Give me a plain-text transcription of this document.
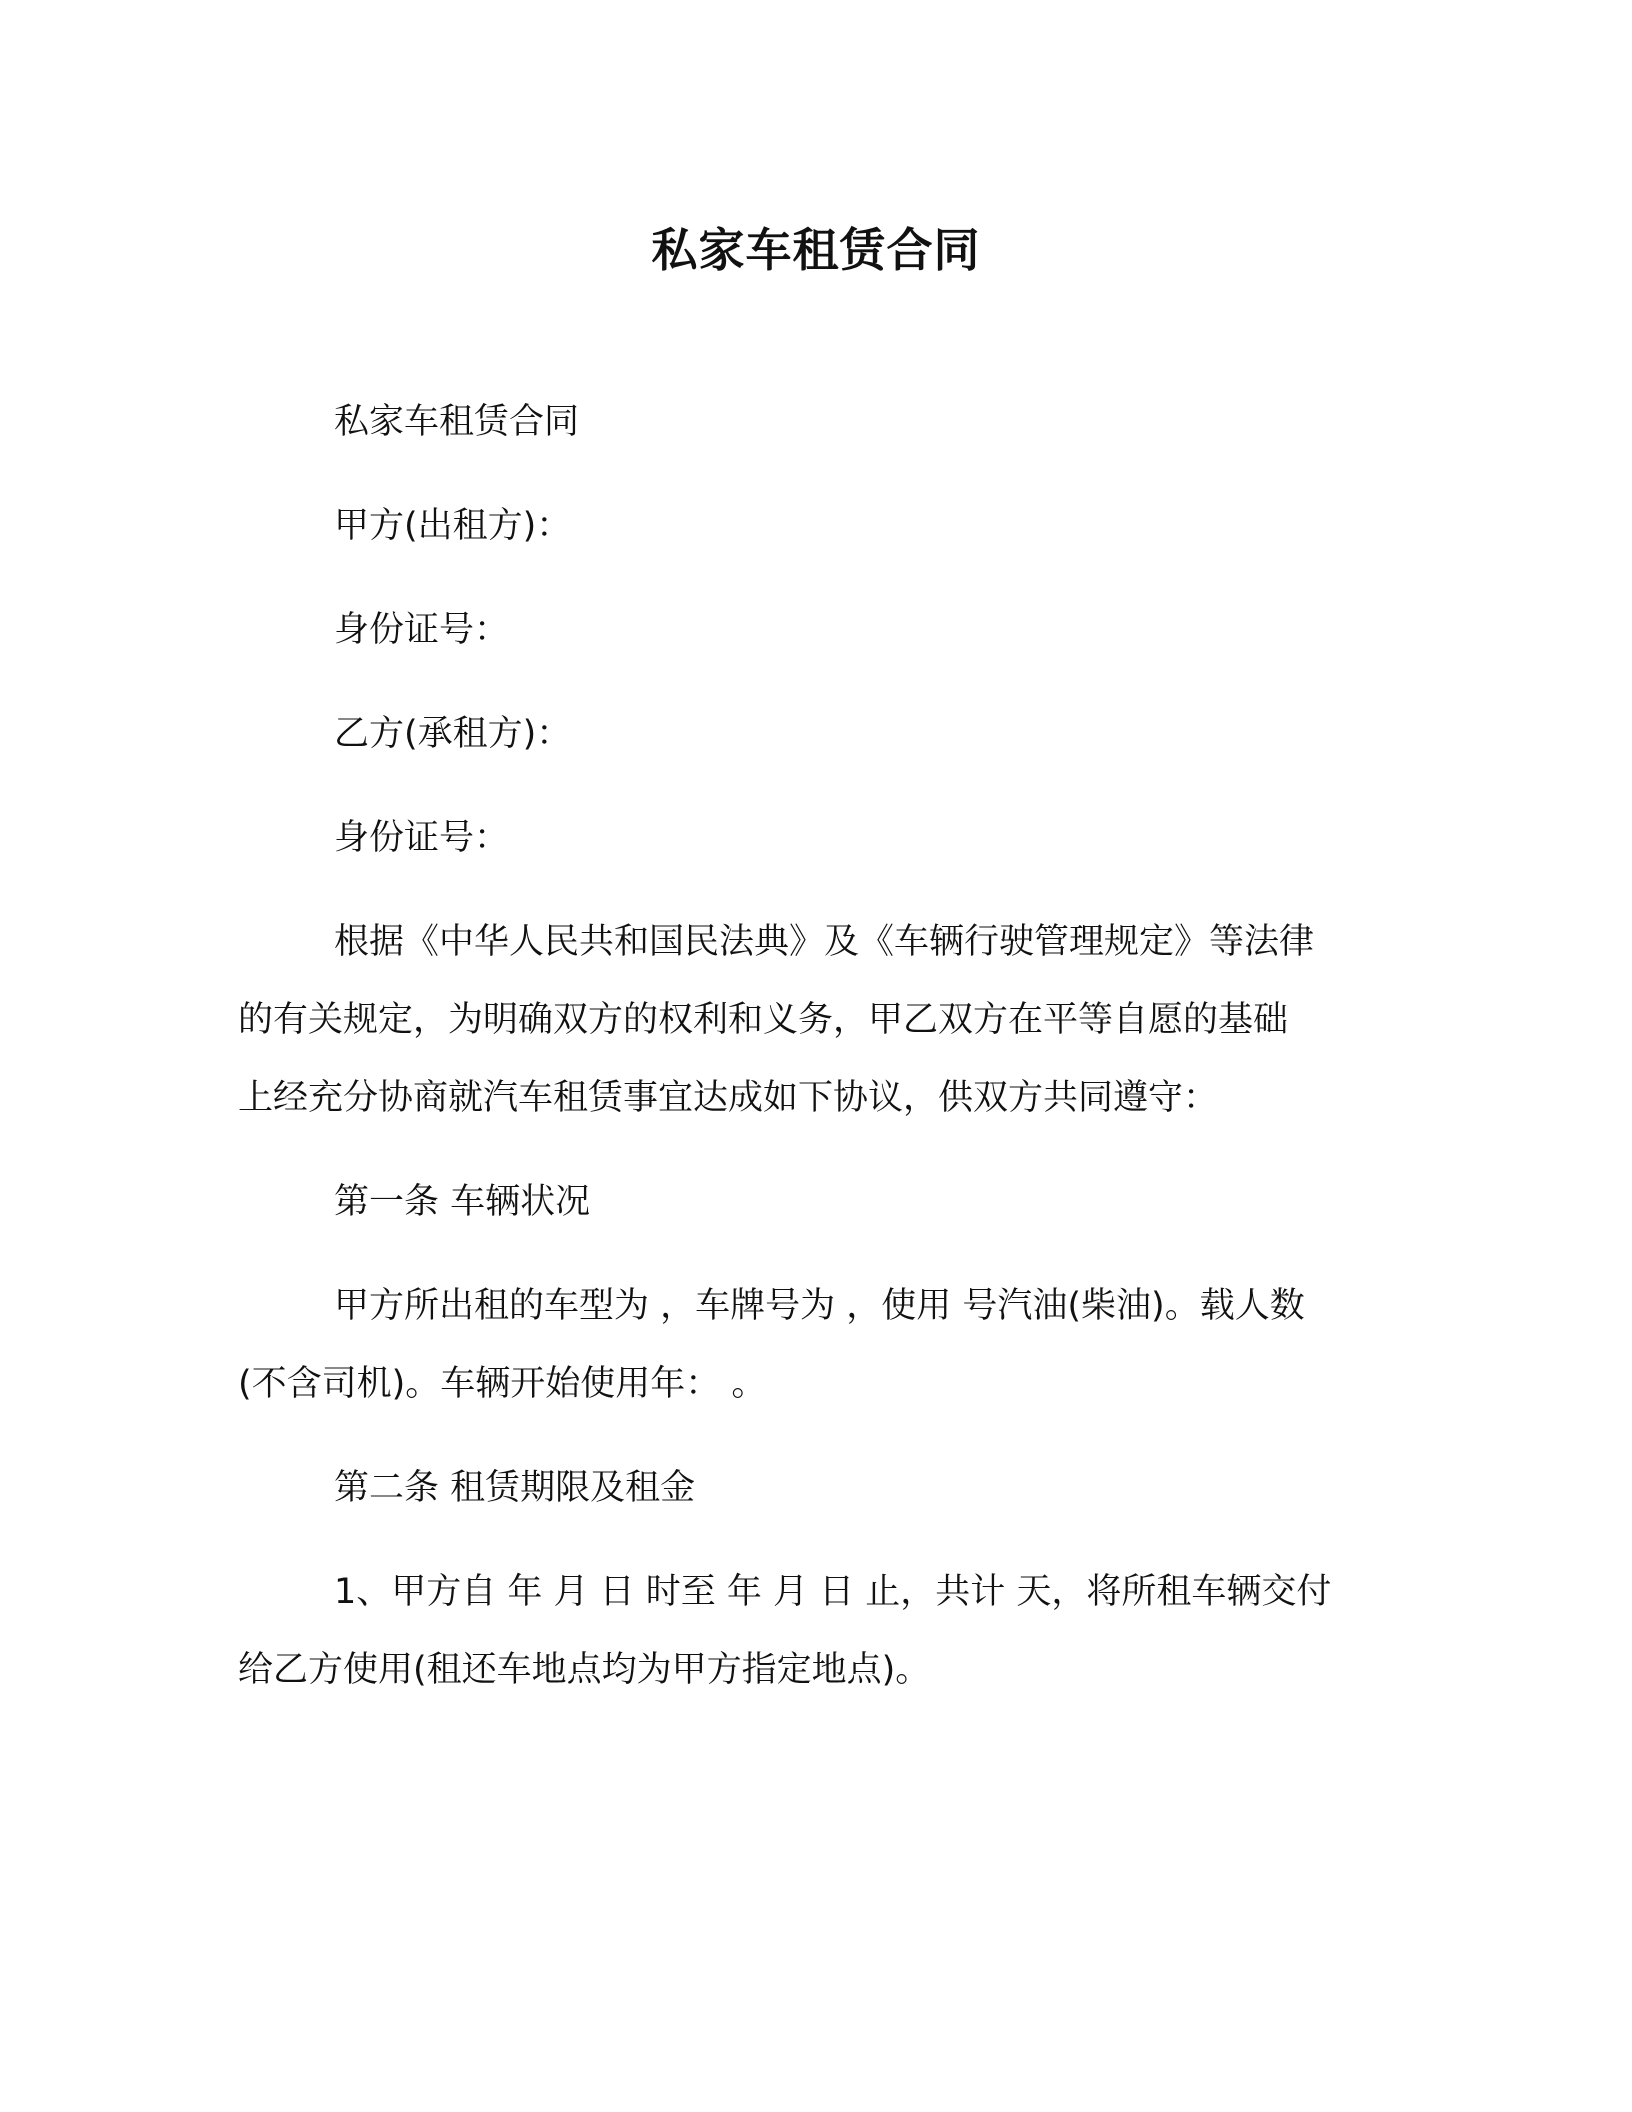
私家车租赁合同

私家车租赁合同

甲方(出租方)：

身份证号：

乙方(承租方)：

身份证号：

根据《中华人民共和国民法典》及《车辆行驶管理规定》等法律

的有关规定，为明确双方的权利和义务，甲乙双方在平等自愿的基础

上经充分协商就汽车租赁事宜达成如下协议，供双方共同遵守：

第一条 车辆状况

甲方所出租的车型为 ，车牌号为 ，使用 号汽油(柴油)。载人数

(不含司机)。车辆开始使用年： 。

第二条 租赁期限及租金

1、甲方自 年 月 日 时至 年 月 日 止，共计 天，将所租车辆交付

给乙方使用(租还车地点均为甲方指定地点)。
